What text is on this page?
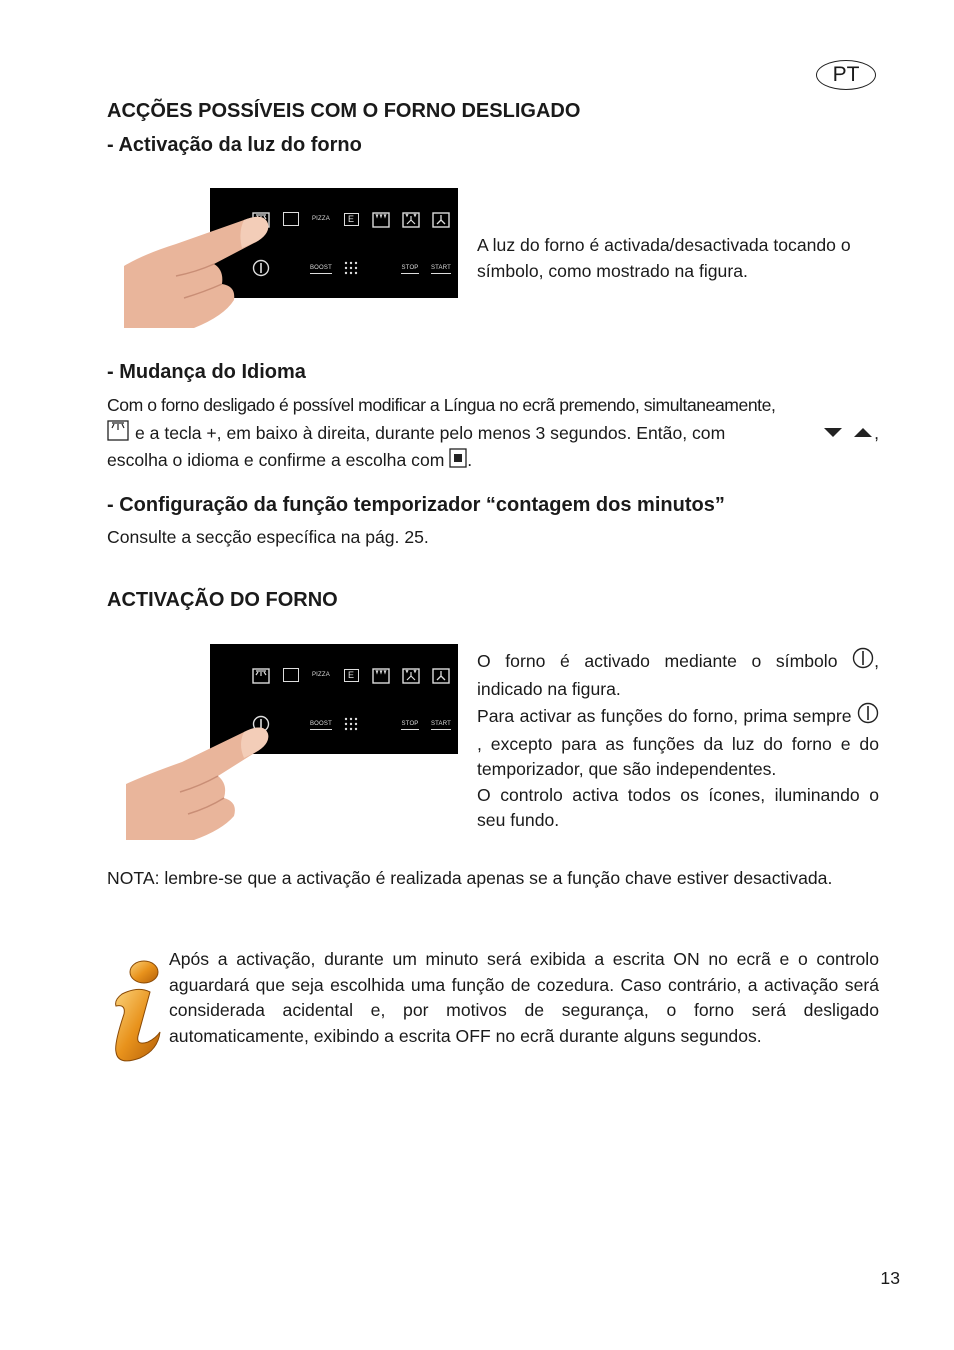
PT
ACÇÕES POSSÍVEIS COM O FORNO DESLIGADO
- Activação da luz do forno
PIZZA	E
BOOST	STOP START

A luz do forno é activada/desactivada tocando o símbolo, como mostrado na figura.

- Mudança do Idioma
Com o forno desligado é possível modificar a Língua no ecrã premendo, simultaneamente,
e a tecla +, em baixo à direita, durante pelo menos 3 segundos. Então, com	,
escolha o idioma e confirme a escolha com .
- Configuração da função temporizador “contagem dos minutos”

Consulte a secção específica na pág. 25.

ACTIVAÇÃO DO FORNO
PIZZA	E
BOOST	STOP START
O forno é activado mediante o símbolo , indicado na figura.
Para activar as funções do forno, prima sempre , excepto para as funções da luz do forno e do temporizador, que são independentes.
O controlo activa todos os ícones, iluminando o seu fundo.

NOTA: lembre-se que a activação é realizada apenas se a função chave estiver desactivada.

Após a activação, durante um minuto será exibida a escrita ON no ecrã e o controlo aguardará que seja escolhida uma função de cozedura. Caso contrário, a activação será considerada acidental e, por motivos de segurança, o forno será desligado automaticamente, exibindo a escrita OFF no ecrã durante alguns segundos.

13
